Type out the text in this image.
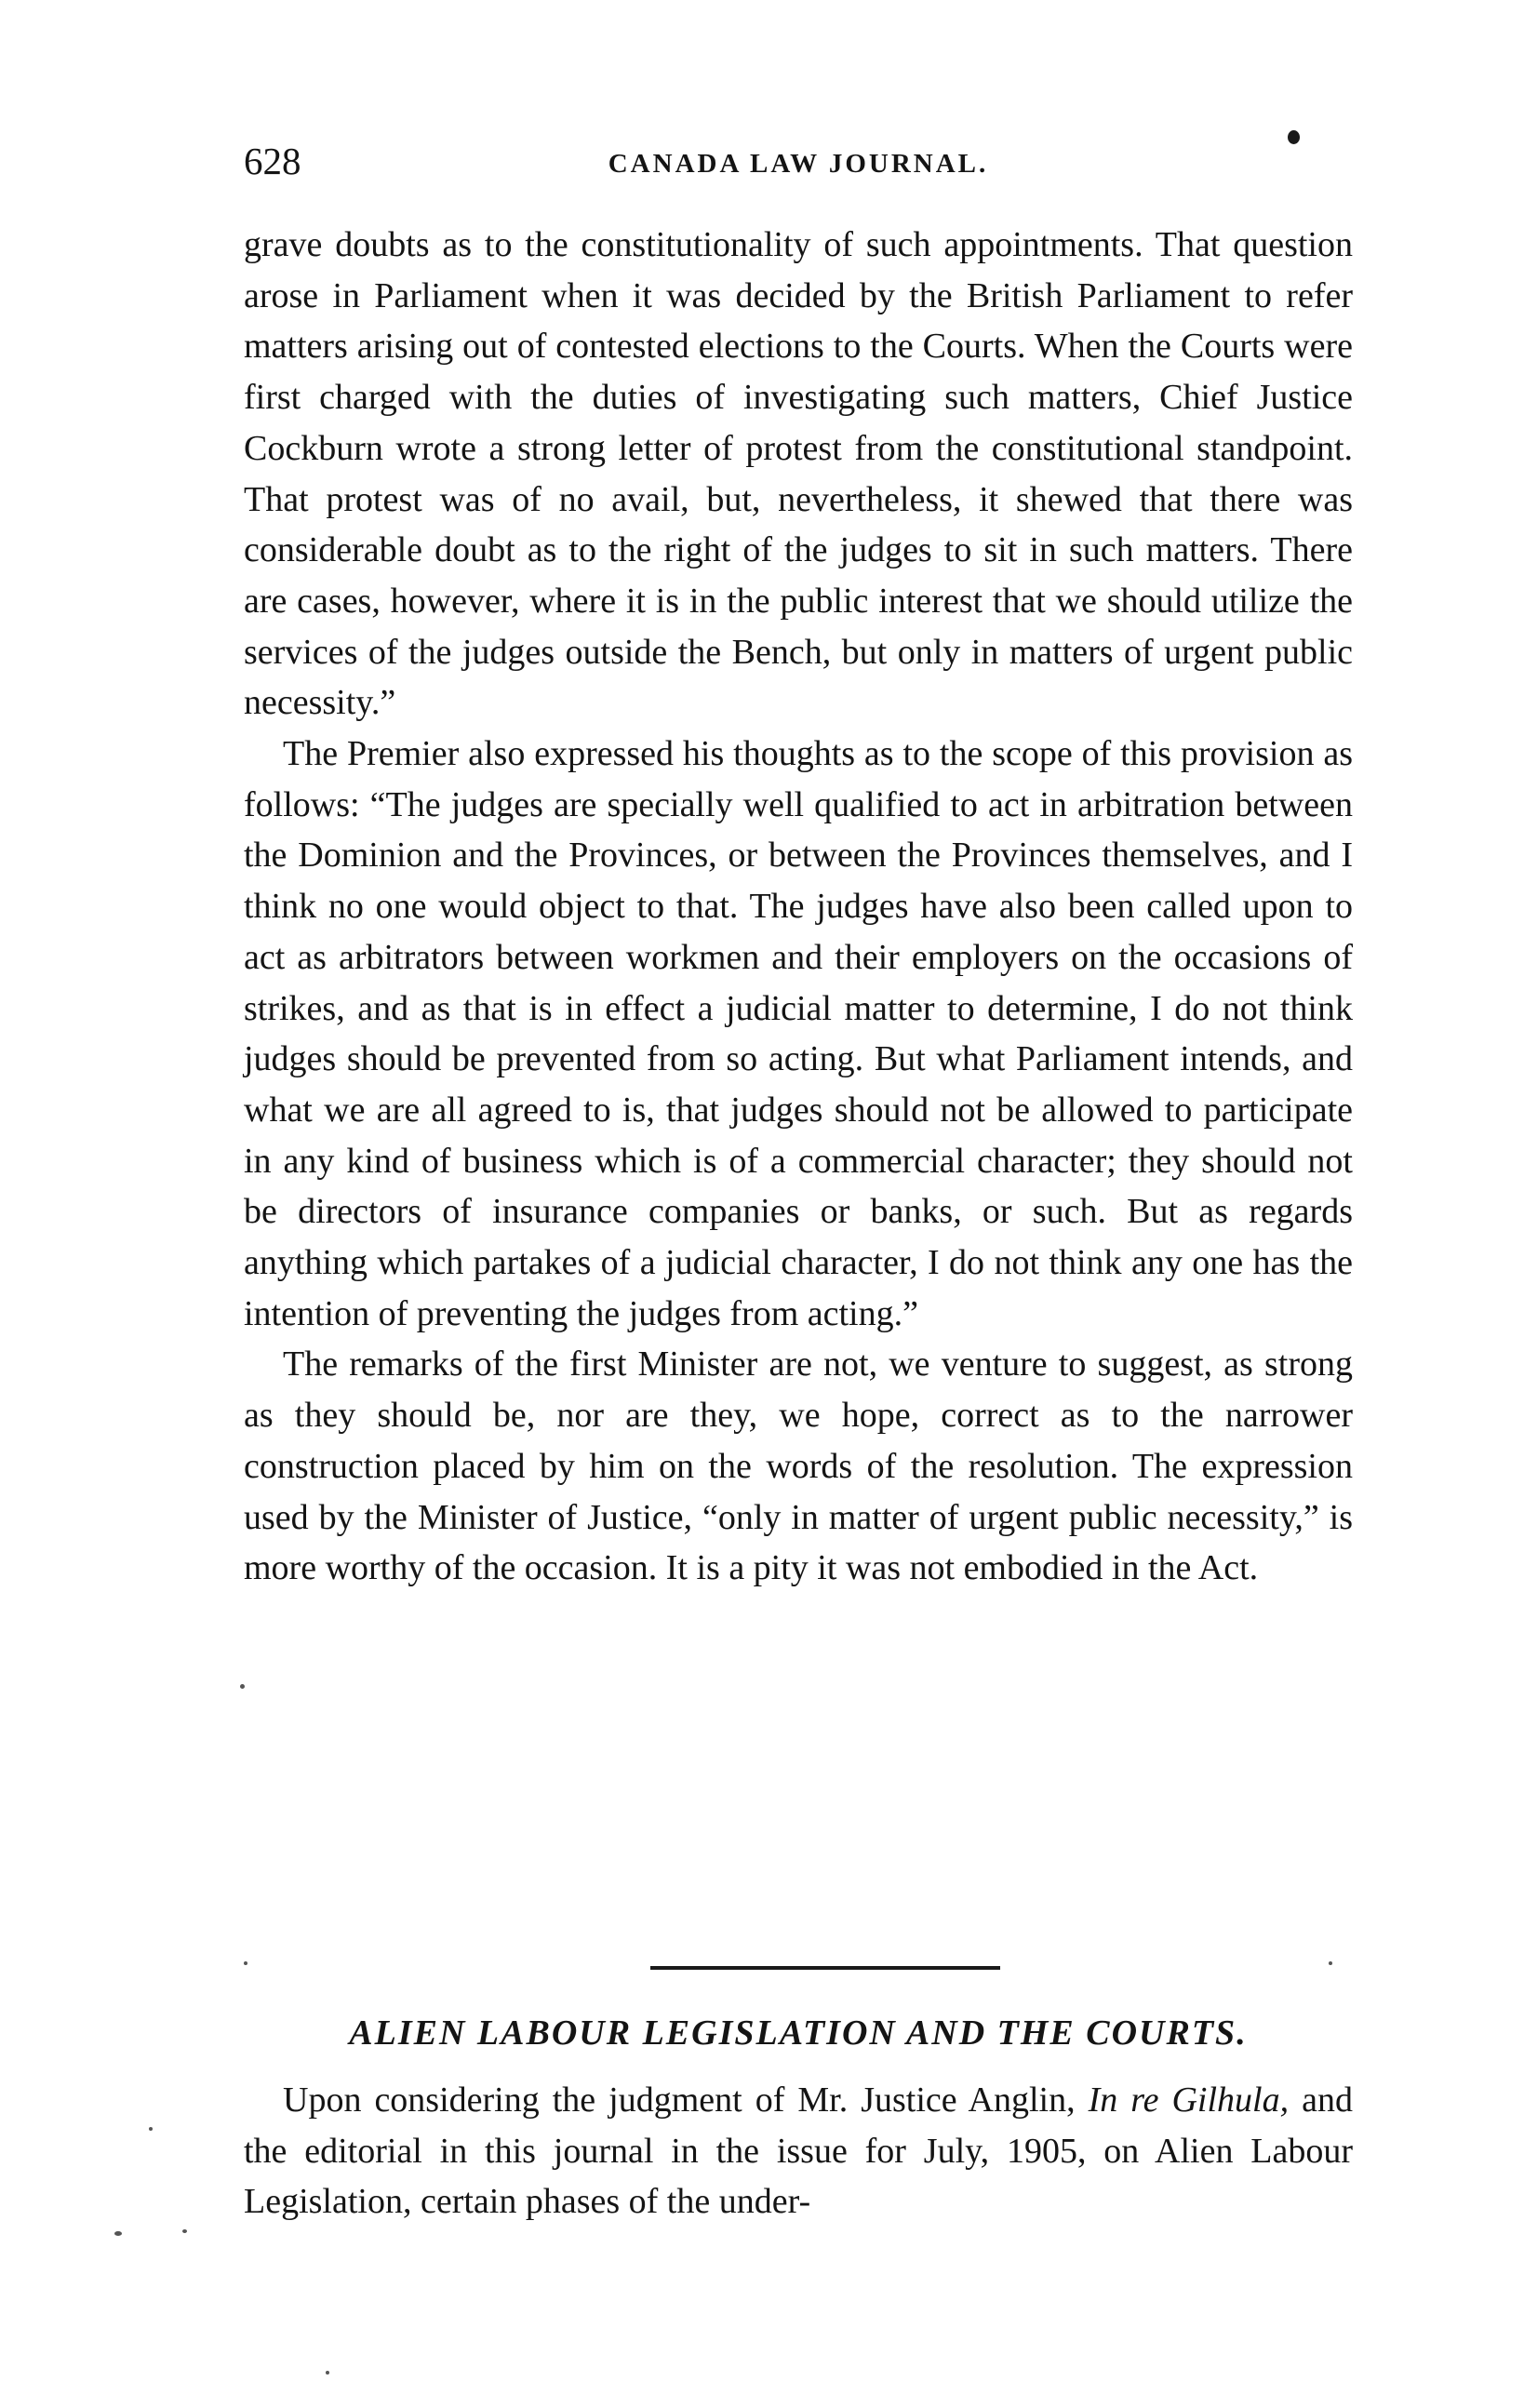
628	CANADA LAW JOURNAL.

grave doubts as to the constitutionality of such appointments. That question arose in Parliament when it was decided by the British Parliament to refer matters arising out of contested elections to the Courts. When the Courts were first charged with the duties of investigating such matters, Chief Justice Cockburn wrote a strong letter of protest from the constitutional standpoint. That protest was of no avail, but, nevertheless, it shewed that there was considerable doubt as to the right of the judges to sit in such matters. There are cases, however, where it is in the public interest that we should utilize the services of the judges outside the Bench, but only in matters of urgent public necessity.”

The Premier also expressed his thoughts as to the scope of this provision as follows: “The judges are specially well qualified to act in arbitration between the Dominion and the Provinces, or between the Provinces themselves, and I think no one would object to that. The judges have also been called upon to act as arbitrators between workmen and their employers on the occasions of strikes, and as that is in effect a judicial matter to determine, I do not think judges should be prevented from so acting. But what Parliament intends, and what we are all agreed to is, that judges should not be allowed to participate in any kind of business which is of a commercial character; they should not be directors of insurance companies or banks, or such. But as regards anything which partakes of a judicial character, I do not think any one has the intention of preventing the judges from acting.”

The remarks of the first Minister are not, we venture to suggest, as strong as they should be, nor are they, we hope, correct as to the narrower construction placed by him on the words of the resolution. The expression used by the Minister of Justice, “only in matter of urgent public necessity,” is more worthy of the occasion. It is a pity it was not embodied in the Act.

ALIEN LABOUR LEGISLATION AND THE COURTS.

Upon considering the judgment of Mr. Justice Anglin, In re Gilhula, and the editorial in this journal in the issue for July, 1905, on Alien Labour Legislation, certain phases of the under-
